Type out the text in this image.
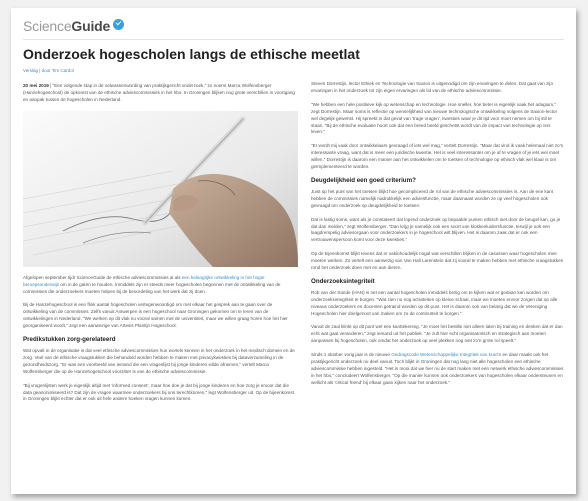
ScienceGuide
Onderzoek hogescholen langs de ethische meetlat
Verslag | door Tim Cardol

20 mei 2019 | "Een volgende stap in de volwassenwording van praktijkgericht onderzoek," zo noemt Marca Wolfensberger (Hanzehogeschool) de opkomst van de ethische adviescommissies in het hbo. In Groningen blijken nog grote verschillen in voortgang en aanpak tussen de hogescholen in Nederland.

Afgelopen september tijdr ScienceGuide de ethische adviescommissies al als een belangrijke ontwikkeling in het hoger beroepsonderwijs om in de gaten te houden. Inmiddels zijn er steeds meer hogescholen begonnen met de ontwikkeling van de commissies die onderzoekers moeten helpen bij de beoordeling van het werk dat zij doen.

Bij de Hanzehogeschool is een flink aantal hogescholen vertegenwoordigd om met elkaar het gesprek aan te gaan over de ontwikkeling van de commissies. Zelfs vanuit Antwerpen is een hogeschool naar Groningen gekomen om te leren van de ontwikkelingen in Nederland. "We werken op dit vlak nu vooral samen met de universiteit, maar we willen graag horen hoe het hier georganiseerd wordt," zegt een aanwezige van Artesis Plantijn Hogeschool.

Predikstukken zorg-gerelateerd

Wat opvalt in de organisatie is dat veel ethische adviescommissies hun wortels kennen in het onderzoek in het medisch domein en de zorg. Veel van de ethische vraagstukken die behandeld worden hebben te maken met privacykwesties bij dataverzameling in de gezondheidszorg. "Er was een voorbeeld van iemand die een vragenlijst bij jonge kinderen wilde afnemen," vertelt Marca Wolfensberger die op de Hanzehogeschool voorzitter is van de ethische adviescommissie.

"Bij vragenlijsten werk je eigenlijk altijd met 'informed consent', maar hoe doe je dat bij jonge kinderen en hoe zorg je ervoor dat die data geanonimiseerd is? Dat zijn de vragen waarmee onderzoekers bij ons terechtkomen," legt Wolfensberger uit. Op de bijeenkomst in Groningen blijkt echter dat er ook uit hele andere hoeken vragen kunnen komen.

Steven Dorrestijn, lector Ethiek en Technologie van Saxion is uitgenodigd om zijn ervaringen te delen. Dat gaat van zijn ervaringen in het onderzoek tot zijn eigen ervaringen als lid van de ethische adviescommissie.

"We hebben een hele positieve kijk op wetenschap en technologie. Hoe sneller, hoe beter is eigenlijk vaak het adagium," zegt Dorrestijn. Maar soms is reflectie op wenselijkheid van nieuwe technologische ontwikkeling volgens de Saxion-lector wel degelijk gewenst. Hij spreekt in dat geval van 'trage vragen', kwesties waar je dit tijd voor moet nemen om bij stil te staan. "Bij de ethische evaluatie hoort ook dat een breed beeld geschetst wordt van de impact van technologie op ons leven."

"Er wordt mij vaak door ontwikkelaars gevraagd of iets wel mag," vertelt Dorrestijn. "Maar dat vind ik vaak helemaal niet zo'n interessante vraag, want dat is meer een juridische kwestie. Het is veel interessanter om je af te vragen of je iets wel moet willen." Dorrestijn is daarom een manier aan het ontwikkelen om te toetsen of technologie op ethisch vlak wel klaar is om geïmplementeerd te worden.

Deugdelijkheid een goed criterium?

Juist op het punt van het toetsen blijkt hoe gecompliceerd de rol van de ethische adviescommissies is. Aan de ene kant hebben de commissies namelijk nadrukkelijk een adviesfunctie, maar daarnaast worden ze op veel hogescholen ook gevraagd om onderzoek op deugdelijkheid te toetsen.

Dat is lastig soms, want als je constateert dat lopend onderzoek op bepaalde punten ethisch niet door de beugel kan, ga je dat dan melden," zegt Wolfensberger. "Dan krijg je namelijk ook een soort van klokkenluidersfunctie, terwijl je ook een laagdrempelig adviesorgaan voor onderzoekers in je hogeschool wilt blijven. Het is daarom zaak dat er ook een vertrouwenspersoon komt voor deze kwesties."

Op de bijeenkomst blijkt tevens dat er vakinhoudelijk nogal wat verschillen blijken in de casussen waar hogescholen mee moeten werken. Zo vertelt een aanwezig van Van Hall Larenstein dat zij vooral te maken hebben met ethische vraagstukken rond het onderzoek doen met en aan dieren.

Onderzoeksintegriteit

Rob van der Sande (HAN) is net een aantal hogescholen inmiddels bezig om te kijken wat er gedaan kan worden om onderzoeksintegriteit te borgen. "Wat zien nu nog activiteiten op kleine schaal, maar we moeten ervoor zorgen dat op alle niveaus onderzoekers en docenten getraind worden op dit punt. Het is daarom ook van belang dat we de Vereniging Hogescholen hier doelgenoot van maken om zo de continuïteit te borgen."

Vanuit de zaal klinkt op dit punt wel een kanttekening. "Je moet het bestilsi niet alleen laten bij training en denken dat er dan echt wat gaat veranderen," zegt iemand uit het publiek. "Je zult hier echt organisatorisch en strategisch aan moeten aanpassen bij hogescholen, ook omdat het onderzoek op veel plekken nog niet zo'n grote rol speelt."

Sinds 1 oktober vorig jaar is de nieuwe Gedragscode Wetenschappelijke Integriteit van kracht en daar maakt ook het praktijkgericht onderzoek nu deel vanuit. Toch blijkt in Groningen dat nog lang niet alle hogescholen een ethische adviescommissie hebben ingesteld. "Het is mooi dat we hier nu de start maken met een netwerk ethische adviescommissies in het hbo," concludeert Wolfensberger. "Op die manier kunnen ook onderzoekers van hogescholen elkaar ondersteunen en wellicht als 'critical friend' bij elkaar gaan kijken naar het onderzoek."
